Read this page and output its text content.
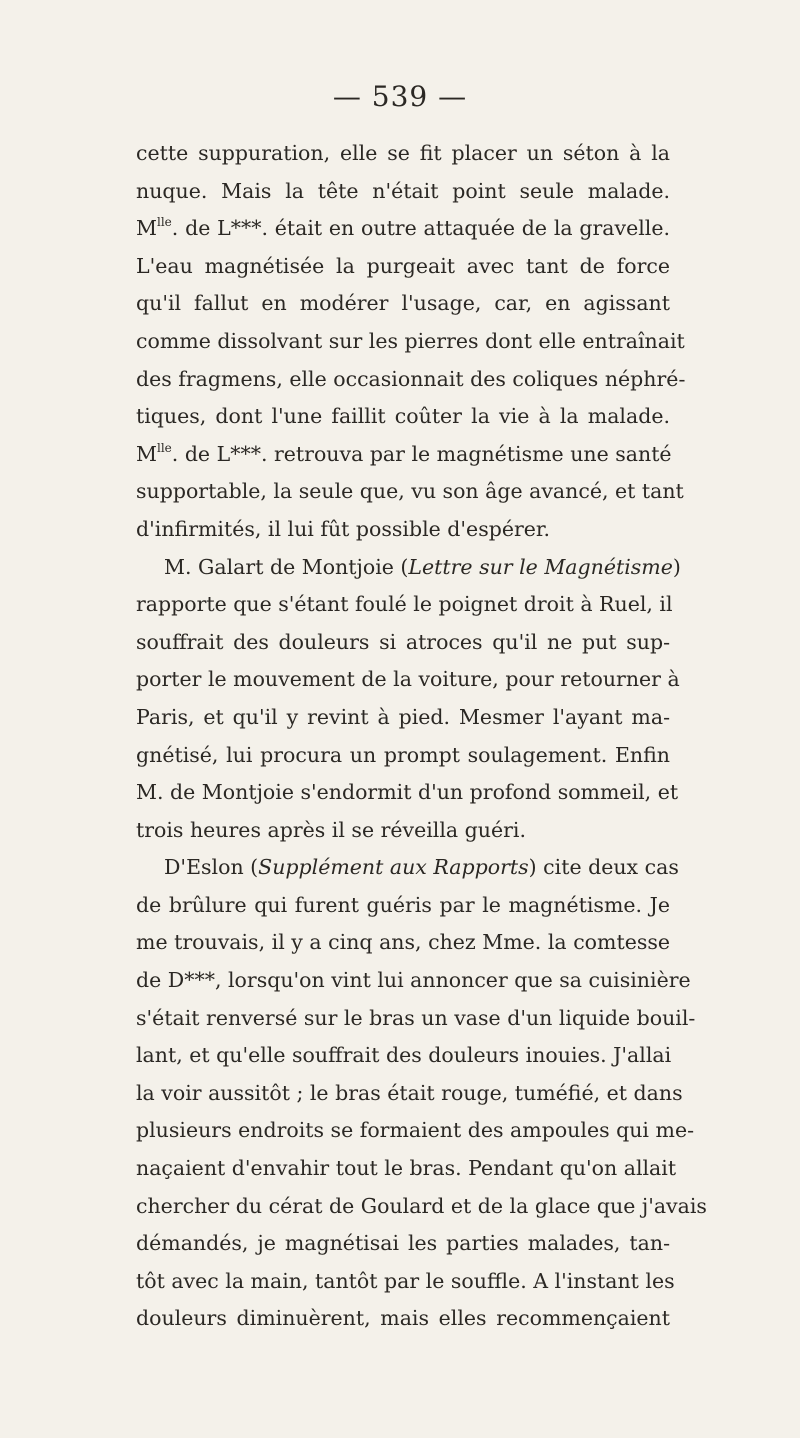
— 539 —
cette suppuration, elle se fit placer un séton à la
nuque. Mais la tête n'était point seule malade.
$M^{lle}$. de L***. était en outre attaquée de la gravelle.
L'eau magnétisée la purgeait avec tant de force
qu'il fallut en modérer l'usage, car, en agissant
comme dissolvant sur les pierres dont elle entraînait
des fragmens, elle occasionnait des coliques néphré-
tiques, dont l'une faillit coûter la vie à la malade.
$M^{lle}$. de L***. retrouva par le magnétisme une santé
supportable, la seule que, vu son âge avancé, et tant
d'infirmités, il lui fût possible d'espérer.
M. Galart de Montjoie (Lettre sur le Magnétisme)
rapporte que s'étant foulé le poignet droit à Ruel, il
souffrait des douleurs si atroces qu'il ne put sup-
porter le mouvement de la voiture, pour retourner à
Paris, et qu'il y revint à pied. Mesmer l'ayant ma-
gnétisé, lui procura un prompt soulagement. Enfin
M. de Montjoie s'endormit d'un profond sommeil, et
trois heures après il se réveilla guéri.
D'Eslon (Supplément aux Rapports) cite deux cas
de brûlure qui furent guéris par le magnétisme. Je
me trouvais, il y a cinq ans, chez Mme. la comtesse
de D***, lorsqu'on vint lui annoncer que sa cuisinière
s'était renversé sur le bras un vase d'un liquide bouil-
lant, et qu'elle souffrait des douleurs inouies. J'allai
la voir aussitôt ; le bras était rouge, tuméfié, et dans
plusieurs endroits se formaient des ampoules qui me-
naçaient d'envahir tout le bras. Pendant qu'on allait
chercher du cérat de Goulard et de la glace que j'avais
démandés, je magnétisai les parties malades, tan-
tôt avec la main, tantôt par le souffle. A l'instant les
douleurs diminuèrent, mais elles recommençaient
